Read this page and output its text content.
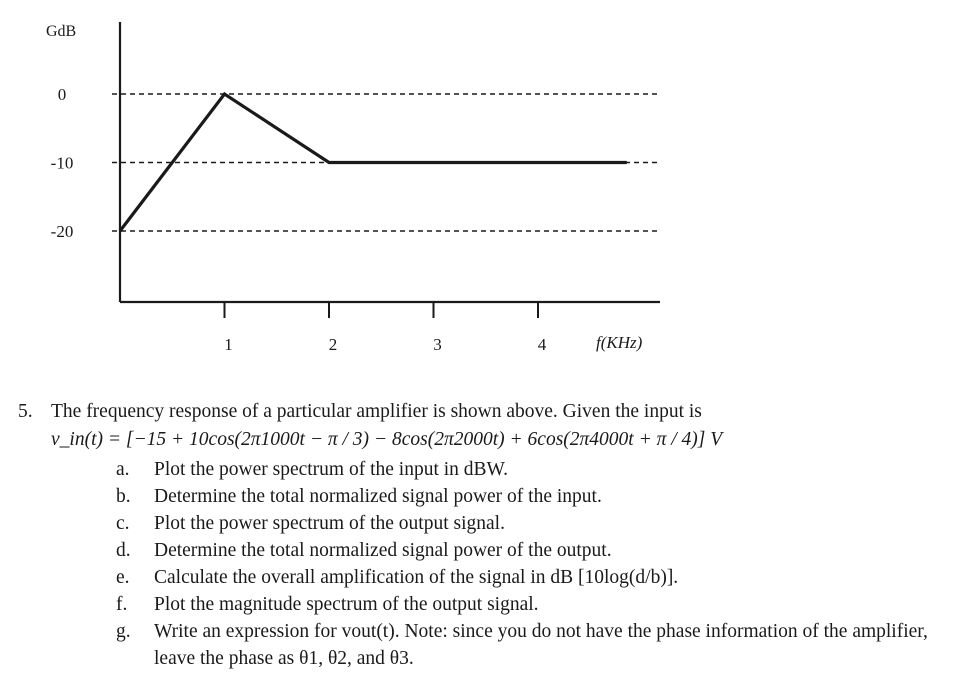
1	2	3	4
0
-10
-20
GdB
f(KHz)
5. The frequency response of a particular amplifier is shown above. Given the input is
v_in(t) = [−15 + 10cos(2π1000t − π / 3) − 8cos(2π2000t) + 6cos(2π4000t + π / 4)] V
a. Plot the power spectrum of the input in dBW.
b. Determine the total normalized signal power of the input.
c. Plot the power spectrum of the output signal.
d. Determine the total normalized signal power of the output.
e. Calculate the overall amplification of the signal in dB [10log(d/b)].
f. Plot the magnitude spectrum of the output signal.
g. Write an expression for vout(t). Note: since you do not have the phase information of the amplifier, leave the phase as θ1, θ2, and θ3.
